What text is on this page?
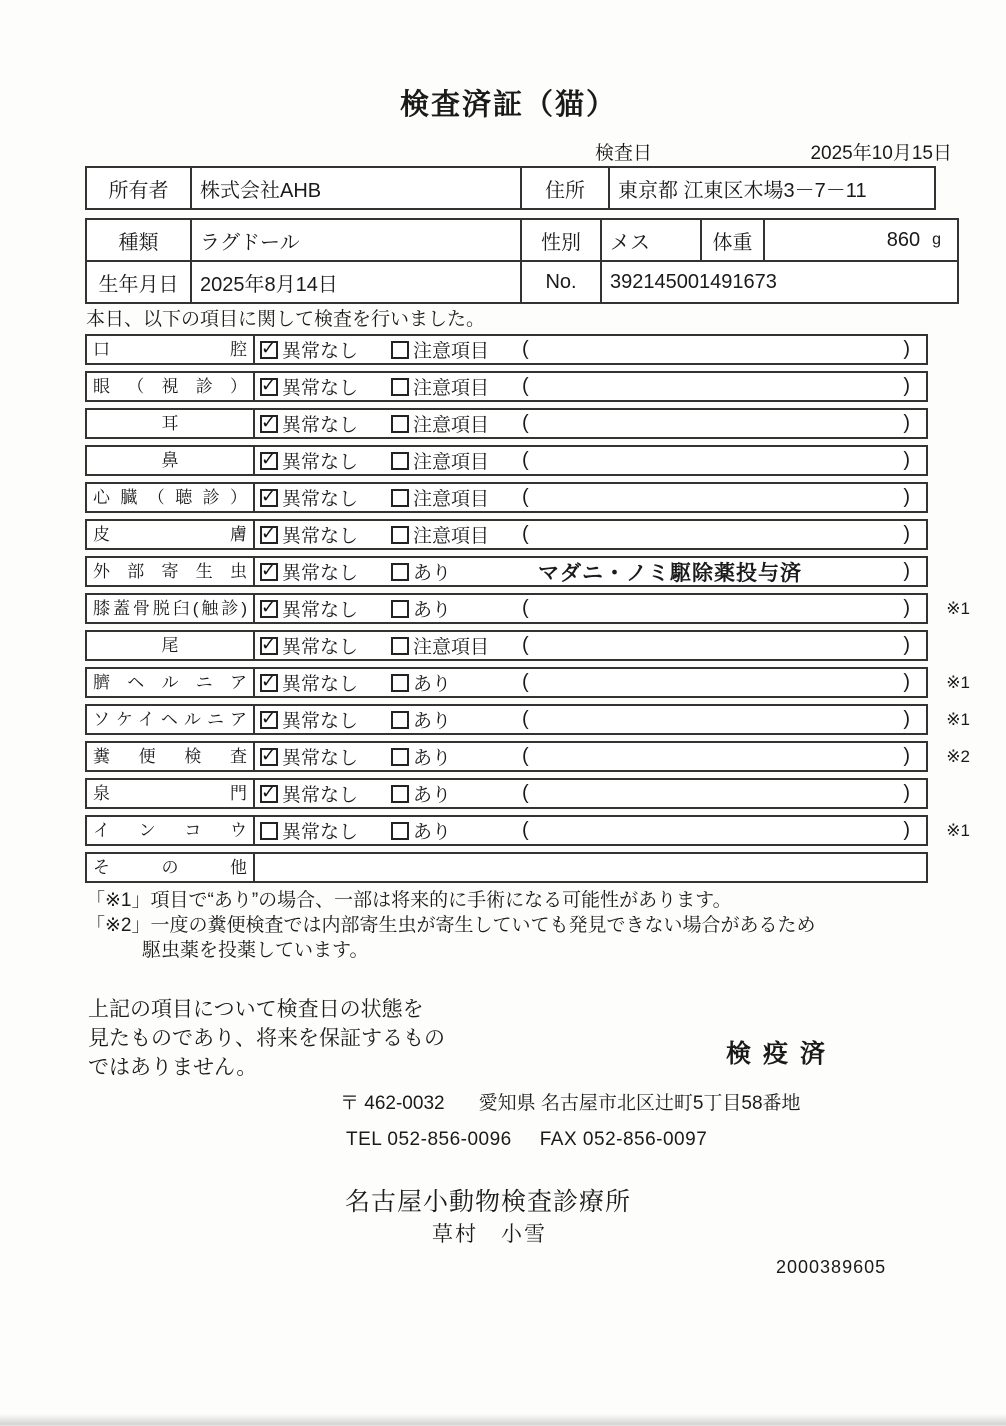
検査済証（猫）
検査日	2025年10月15日
所有者	株式会社AHB	住所	東京都 江東区木場3－7－11
種類	ラグドール	性別	メス	体重	860 g
生年月日	2025年8月14日	No.	392145001491673
本日、以下の項目に関して検査を行いました。
口腔 ✓	異常なし	注意項目 (	)
眼（視診） ✓	異常なし	注意項目 (	)
耳 ✓	異常なし	注意項目 (	)
鼻 ✓	異常なし	注意項目 (	)
心臓（聴診） ✓	異常なし	注意項目 (	)
皮膚 ✓	異常なし	注意項目 (	)
外部寄生虫 ✓	異常なし	あり	マダニ・ノミ駆除薬投与済	)
膝蓋骨脱臼(触診) ✓	異常なし	あり	(	) ※1
尾 ✓	異常なし	注意項目 (	)
臍ヘルニア ✓	異常なし	あり	(	) ※1
ソケイヘルニア ✓	異常なし	あり	(	) ※1
糞便検査 ✓	異常なし	あり	(	) ※2
泉門 ✓	異常なし	あり	(	)
インコウ	異常なし	あり	(	) ※1
その他
「※1」項目で“あり”の場合、一部は将来的に手術になる可能性があります。
「※2」一度の糞便検査では内部寄生虫が寄生していても発見できない場合があるため
駆虫薬を投薬しています。
上記の項目について検査日の状態を
見たものであり、将来を保証するもの
ではありません。	検疫済
〒 462-0032 愛知県 名古屋市北区辻町5丁目58番地
TEL 052-856-0096 FAX 052-856-0097
名古屋小動物検査診療所
草村　小雪
2000389605
